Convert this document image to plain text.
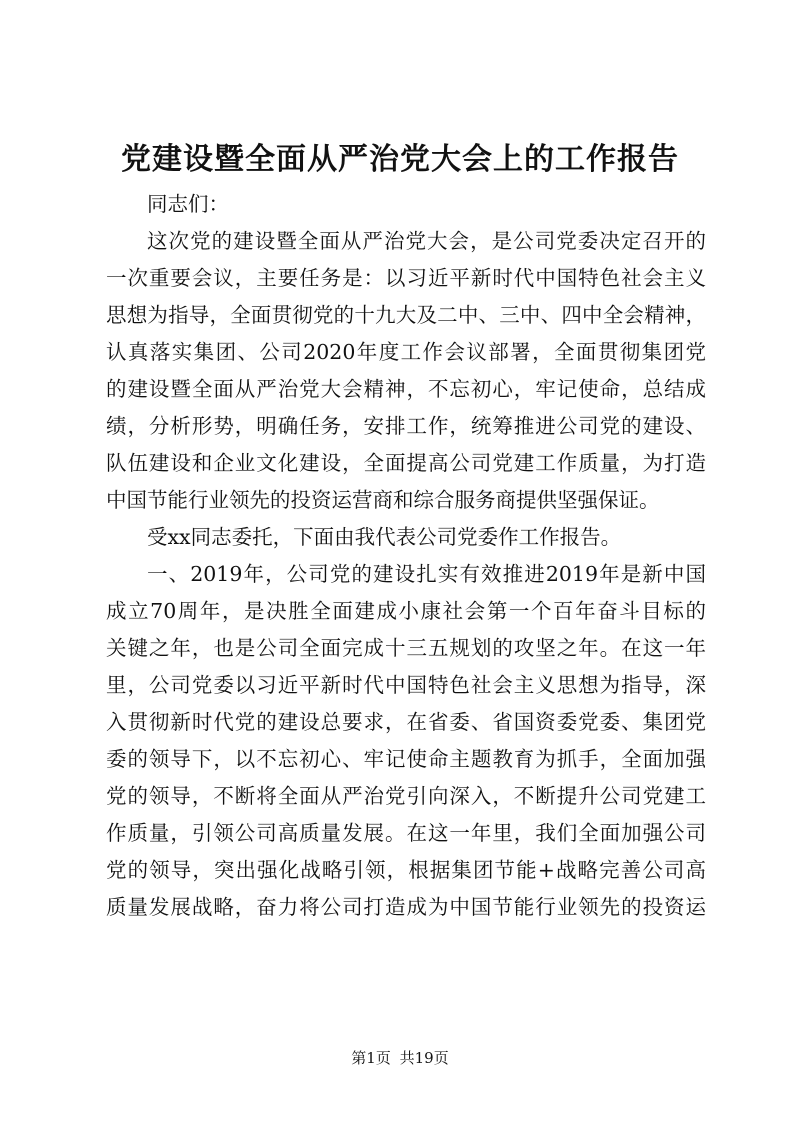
党建设暨全面从严治党大会上的工作报告
同志们：
这次党的建设暨全面从严治党大会，是公司党委决定召开的
一次重要会议，主要任务是：以习近平新时代中国特色社会主义
思想为指导，全面贯彻党的十九大及二中、三中、四中全会精神，
认真落实集团、公司2020年度工作会议部署，全面贯彻集团党
的建设暨全面从严治党大会精神，不忘初心，牢记使命，总结成
绩，分析形势，明确任务，安排工作，统筹推进公司党的建设、
队伍建设和企业文化建设，全面提高公司党建工作质量，为打造
中国节能行业领先的投资运营商和综合服务商提供坚强保证。
受xx同志委托，下面由我代表公司党委作工作报告。
一、2019年，公司党的建设扎实有效推进2019年是新中国
成立70周年，是决胜全面建成小康社会第一个百年奋斗目标的
关键之年，也是公司全面完成十三五规划的攻坚之年。在这一年
里，公司党委以习近平新时代中国特色社会主义思想为指导，深
入贯彻新时代党的建设总要求，在省委、省国资委党委、集团党
委的领导下，以不忘初心、牢记使命主题教育为抓手，全面加强
党的领导，不断将全面从严治党引向深入，不断提升公司党建工
作质量，引领公司高质量发展。在这一年里，我们全面加强公司
党的领导，突出强化战略引领，根据集团节能+战略完善公司高
质量发展战略，奋力将公司打造成为中国节能行业领先的投资运
第1页 共19页
